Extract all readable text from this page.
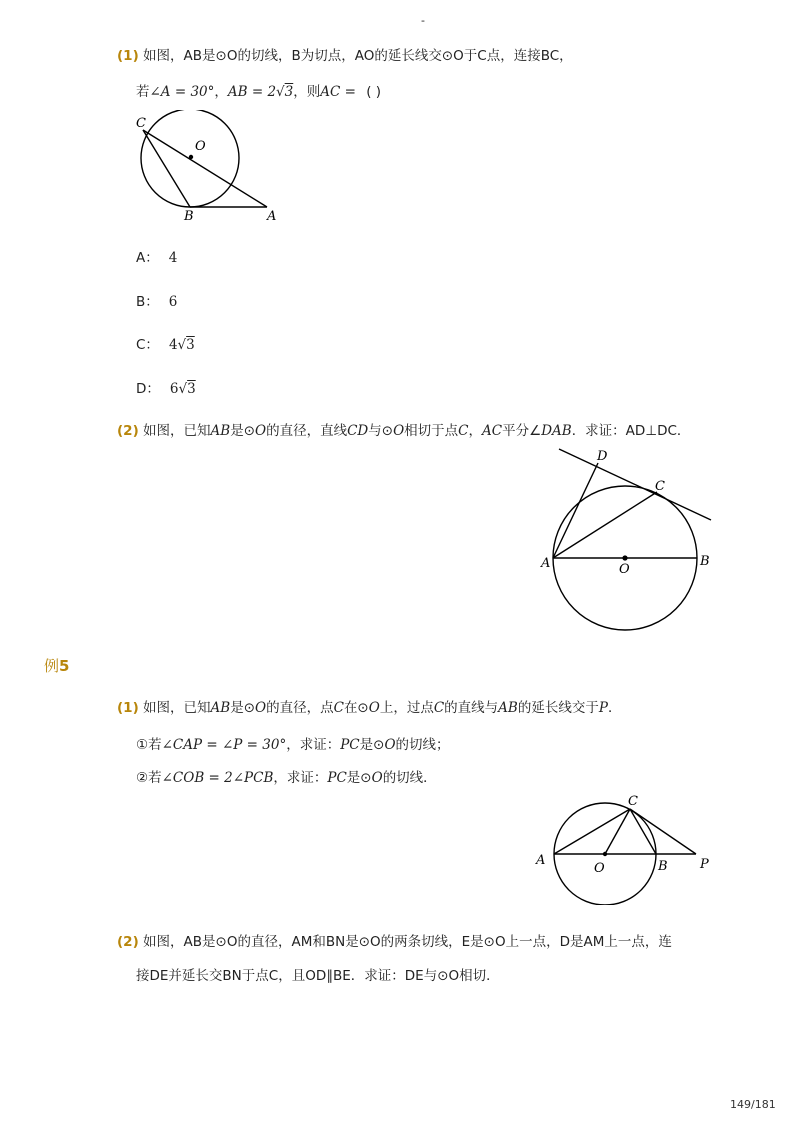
-
(1) 如图，AB是⊙O的切线，B为切点，AO的延长线交⊙O于C点，连接BC，
若∠A = 30°，AB = 2√3，则AC = ( )
C
O
B	A
A： 4
B： 6
C： 4√3
D： 6√3
(2) 如图，已知AB是⊙O的直径，直线CD与⊙O相切于点C，AC平分∠DAB．求证：AD⊥DC．
D
C
A	O
B
例5
(1) 如图，已知AB是⊙O的直径，点C在⊙O上，过点C的直线与AB的延长线交于P．
①若∠CAP = ∠P = 30°，求证：PC是⊙O的切线；
②若∠COB = 2∠PCB，求证：PC是⊙O的切线．
C
A
O	B P
(2) 如图，AB是⊙O的直径，AM和BN是⊙O的两条切线，E是⊙O上一点，D是AM上一点，连
接DE并延长交BN于点C，且OD∥BE．求证：DE与⊙O相切．
149/181
